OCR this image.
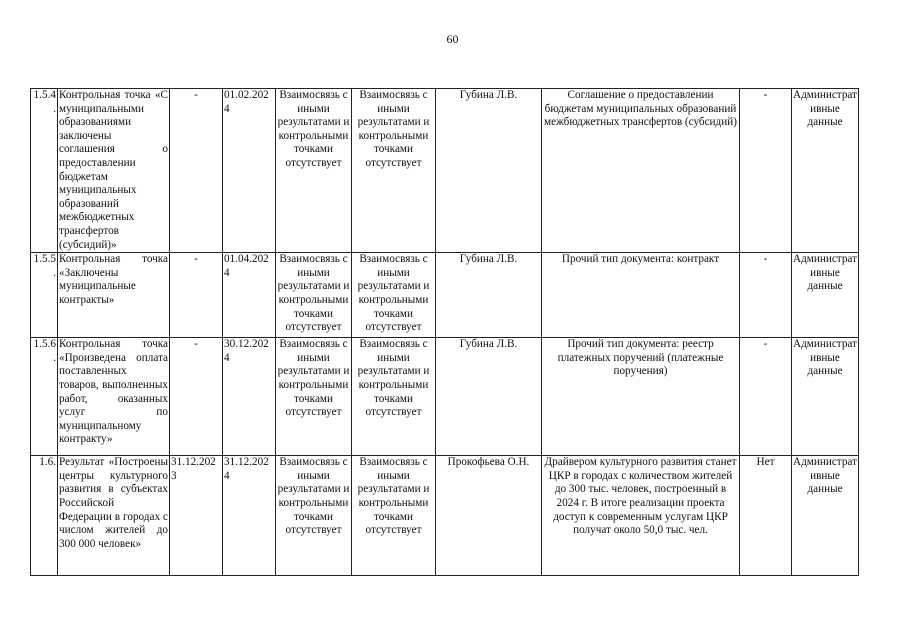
60
1.5.4.	Контрольная точка «С муниципальными образованиями заключены соглашения о предоставлении бюджетам муниципальных образований межбюджетных трансфертов (субсидий)»	-	01.02.2024	Взаимосвязь с иными результатами и контрольными точками отсутствует	Взаимосвязь с иными результатами и контрольными точками отсутствует	Губина Л.В.	Соглашение о предоставлении бюджетам муниципальных образований межбюджетных трансфертов (субсидий)	-	Административные данные
1.5.5.	Контрольная точка «Заключены муниципальные контракты»	-	01.04.2024	Взаимосвязь с иными результатами и контрольными точками отсутствует	Взаимосвязь с иными результатами и контрольными точками отсутствует	Губина Л.В.	Прочий тип документа: контракт	-	Административные данные
1.5.6.	Контрольная точка «Произведена оплата поставленных товаров, выполненных работ, оказанных услуг по муниципальному контракту»	-	30.12.2024	Взаимосвязь с иными результатами и контрольными точками отсутствует	Взаимосвязь с иными результатами и контрольными точками отсутствует	Губина Л.В.	Прочий тип документа: реестр платежных поручений (платежные поручения)	-	Административные данные
1.6.	Результат «Построены центры культурного развития в субъектах Российской Федерации в городах с числом жителей до 300 000 человек»	31.12.2023	31.12.2024	Взаимосвязь с иными результатами и контрольными точками отсутствует	Взаимосвязь с иными результатами и контрольными точками отсутствует	Прокофьева О.Н.	Драйвером культурного развития станет ЦКР в городах с количеством жителей до 300 тыс. человек, построенный в 2024 г. В итоге реализации проекта доступ к современным услугам ЦКР получат около 50,0 тыс. чел.	Нет	Административные данные
